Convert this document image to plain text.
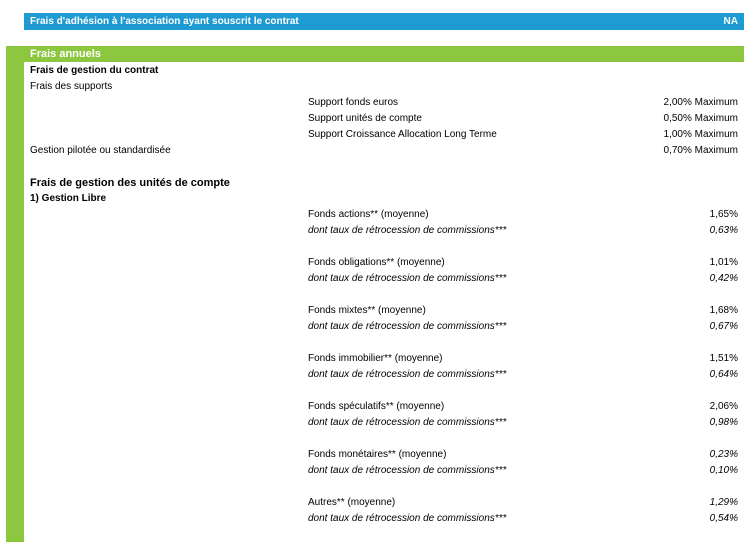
Frais d'adhésion à l'association ayant souscrit le contrat	NA
Frais annuels
Frais de gestion du contrat
Frais des supports
Support fonds euros	2,00% Maximum
Support unités de compte	0,50% Maximum
Support Croissance Allocation Long Terme	1,00% Maximum
Gestion pilotée ou standardisée	0,70% Maximum
Frais de gestion des unités de compte
1) Gestion Libre
Fonds actions** (moyenne)	1,65%
dont taux de rétrocession de commissions***	0,63%
Fonds obligations** (moyenne)	1,01%
dont taux de rétrocession de commissions***	0,42%
Fonds mixtes** (moyenne)	1,68%
dont taux de rétrocession de commissions***	0,67%
Fonds immobilier** (moyenne)	1,51%
dont taux de rétrocession de commissions***	0,64%
Fonds spéculatifs** (moyenne)	2,06%
dont taux de rétrocession de commissions***	0,98%
Fonds monétaires** (moyenne)	0,23%
dont taux de rétrocession de commissions***	0,10%
Autres** (moyenne)	1,29%
dont taux de rétrocession de commissions***	0,54%
